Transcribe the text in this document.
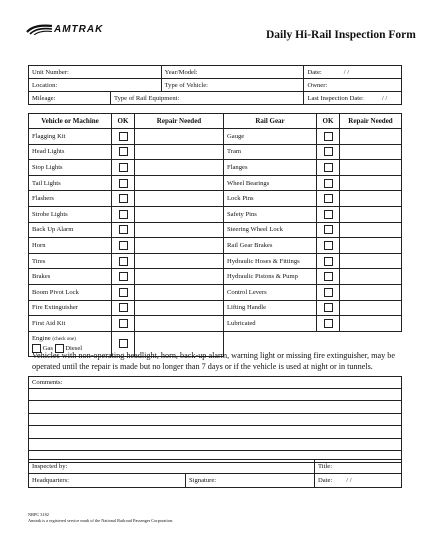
AMTRAK	Daily Hi-Rail Inspection Form
Unit Number:		Year/Model:	Date: / /
Location:		Type of Vehicle:	Owner:
Mileage:	Type of Rail Equipment:		Last Inspection Date: / /
Vehicle or Machine	OK	Repair Needed	Rail Gear	OK	Repair Needed
Flagging Kit			Gauge		
Head Lights			Tram		
Stop Lights			Flanges		
Tail Lights			Wheel Bearings		
Flashers			Lock Pins		
Strobe Lights			Safety Pins		
Back Up Alarm			Steering Wheel Lock		
Horn			Rail Gear Brakes		
Tires			Hydraulic Hoses & Fittings		
Brakes			Hydraulic Pistons & Pump		
Boom Pivot Lock			Control Levers		
Fire Extinguisher			Lifting Handle		
First Aid Kit			Lubricated		

Engine (check one)
Gas Diesel					

Vehicles with non-operating headlight, horn, back-up alarm, warning light or missing fire extinguisher, may be operated until the repair is made but no longer than 7 days or if the vehicle is used at night or in tunnels.
Comments:
Inspected by:		Title:
Headquarters:	Signature:	Date: / /
NRPC 3182
Amtrak is a registered service mark of the National Railroad Passenger Corporation.
